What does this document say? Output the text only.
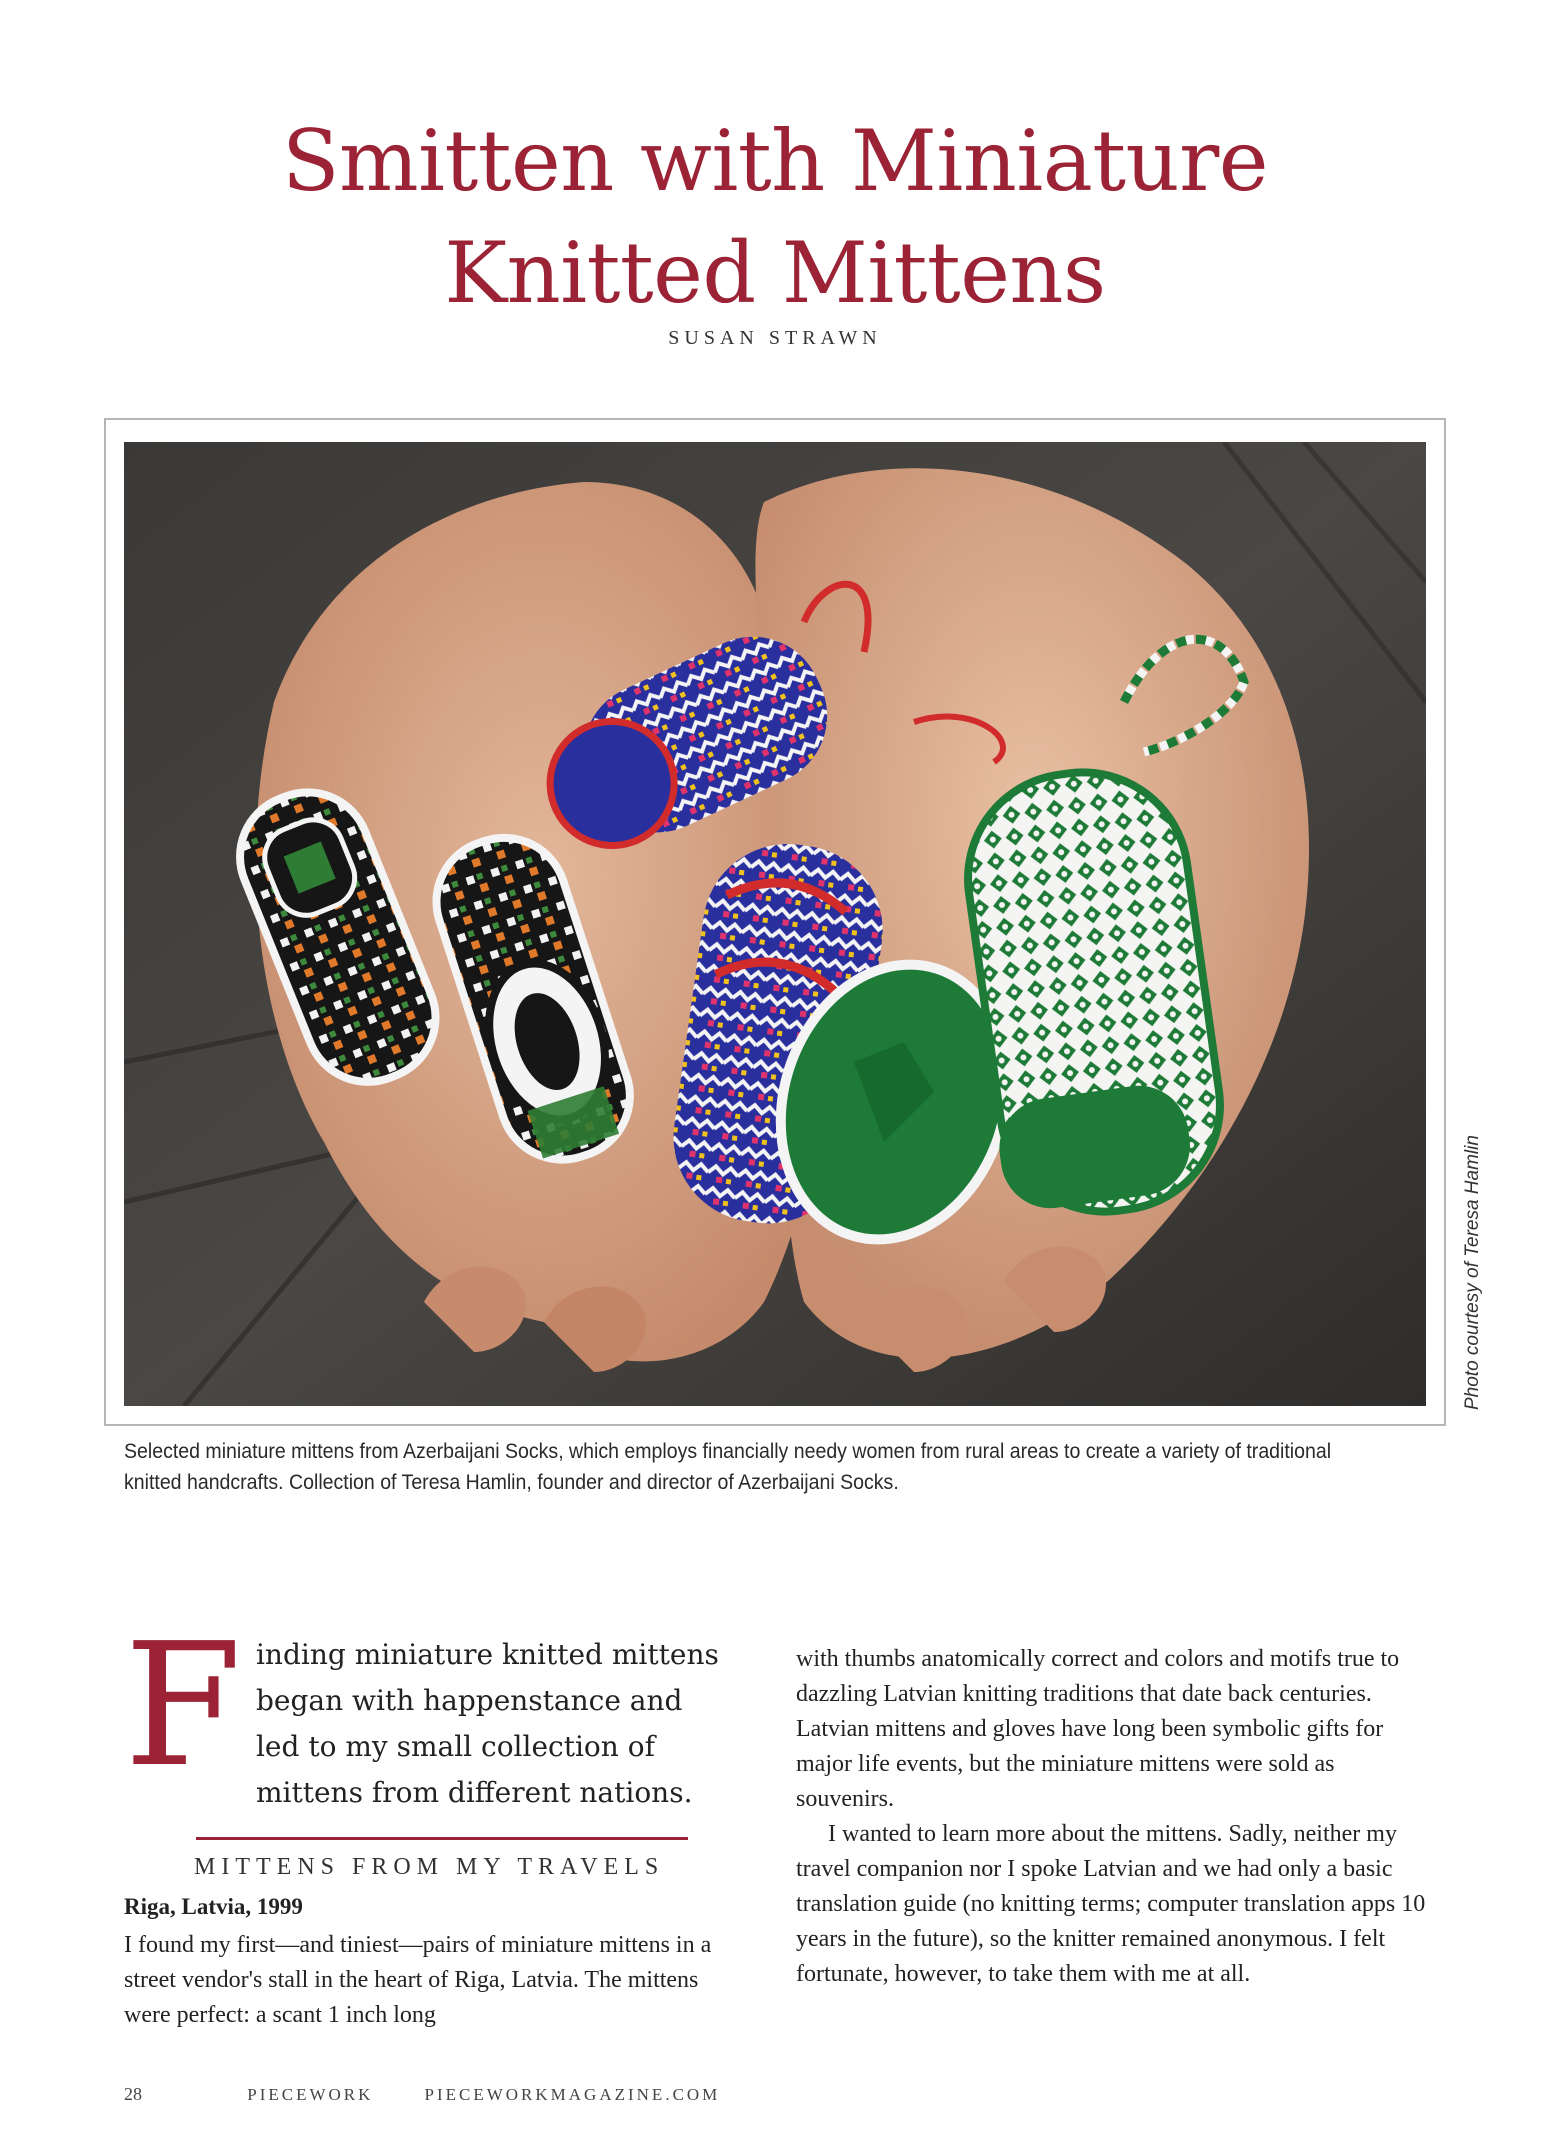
Smitten with Miniature
Knitted Mittens
SUSAN STRAWN
Photo courtesy of Teresa Hamlin
Selected miniature mittens from Azerbaijani Socks, which employs financially needy women from rural areas to create a variety of traditional knitted handcrafts. Collection of Teresa Hamlin, founder and director of Azerbaijani Socks.
F inding miniature knitted mittens began with happenstance and led to my small collection of mittens from different nations.
MITTENS FROM MY TRAVELS
Riga, Latvia, 1999
I found my first—and tiniest—pairs of miniature mittens in a street vendor's stall in the heart of Riga, Latvia. The mittens were perfect: a scant 1 inch long

with thumbs anatomically correct and colors and motifs true to dazzling Latvian knitting traditions that date back centuries. Latvian mittens and gloves have long been symbolic gifts for major life events, but the miniature mittens were sold as souvenirs.

I wanted to learn more about the mittens. Sadly, neither my travel companion nor I spoke Latvian and we had only a basic translation guide (no knitting terms; computer translation apps 10 years in the future), so the knitter remained anonymous. I felt fortunate, however, to take them with me at all.

28	PIECEWORK	PIECEWORKMAGAZINE.COM
